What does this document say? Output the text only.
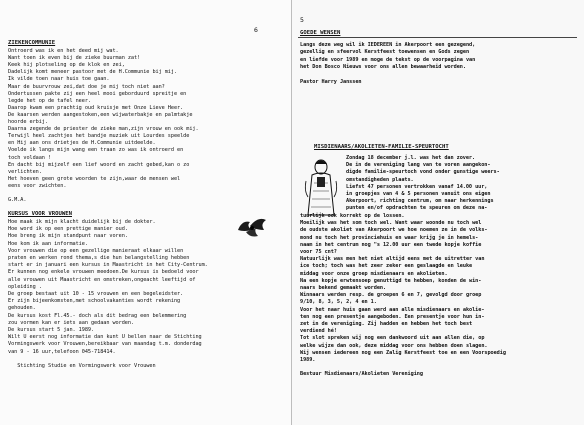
6
ZIEKENCOMMUNIE
Ontroerd was ik en het deed mij wat.
Want toen ik even bij de zieke buurman zat!
Keek hij plotseling op de klok en zei,
Dadelijk komt meneer pastoor met de H.Communie bij mij.
Ik vilde toen naar huis toe gaan.
Maar de buurvrouw zei,dat doe je mij toch niet aan?
Ondertussen pakte zij een heel mooi geborduurd spreitje en
legde het op de tafel neer.
Daarop kwam een prachtig oud kruisje met Onze Lieve Heer.
De kaarsen werden aangestoken,een wijwaterbakje en palmtakje
hoorde erbij.
Daarna zegende de priester de zieke man,zijn vrouw en ook mij.
Terwijl heel zachtjes het bandje muziek uit Lourdes speelde
en Hij aan ons drietjes de H.Communie uitdeelde.
Voelde ik langs mijn wang een traan zo was ik ontroerd en
toch voldaan !
En dacht bij mijzelf een lief woord en zacht gebed,kan o zo
verlichten.
Het hoeven geen grote woorden te zijn,waar de mensen wel
eens voor zwichten.
G.M.A.
KURSUS VOOR VROUWEN
Hoe maak ik mijn klacht duidelijk bij de dokter.
Hoe word ik op een prettige manier oud.
Hoe breng ik mijn standpunt naar voren.
Hoe kom ik aan informatie.
Voor vrouwen die op een gezellige manieraat elkaar willen
praten en werken rond thema,s die hun belangstelling hebben
start er in januari een kursus in Maastricht in het City-Centrum.
Er kunnen nog enkele vrouwen meedoen.De kursus is bedoeld voor
alle vrouwen uit Maastricht en omstreken,ongeacht leeftijd of
opleiding .
De groep bestaat uit 10 - 15 vrouwen en een begeleidster.
Er zijn bijeenkomsten,met schoolvakanties wordt rekening
gehouden.
De kursus kost Fl.45.- doch als dit bedrag een belemmering
zou vormen kan er iets aan gedaan worden.
De kursus start 5 jan. 1989.
Wilt U eerst nog informatie dan kunt U bellen naar de Stichting
Vormingswerk voor Vrouwen,bereikbaar van maandag t.m. donderdag
van 9 - 16 uur,telefoon 045-718414.
Stichting Studie en Vormingswerk voor Vrouwen
5
GOEDE WENSEN
Langs deze weg wil ik IEDEREEN in Akerpoort een gezegend,
gezellig en sfeervol Kerstfeest toewensen en Gods zegen
en liefde voor 1989 en moge de tekst op de voorpagina van
het Don Bosco Nieuws voor ons allen bewaarheid worden.
Pastor Harry Janssen
MISDIENAARS/AKOLIETEN-FAMILIE-SPEURTOCHT
Zondag 18 december j.l. was het dan zover.
De in de vereniging lang van te voren aangekon-
digde familie-speurtoch vond onder gunstige weers-
omstandigheden plaats.
Liefst 47 personen vertrokken vanaf 14.00 uur,
in groepjes van 4 & 5 personen vanuit ons eigen
Akerpoort, richting centrum, om naar herkennings
punten en/of opdrachten te speuren om deze na-
tuurlijk ook korrekt op de lossen.
Moeilijk was het som toch wel. Want waar woonde nu toch wel
de oudste akoliet van Akerpoort we hoe noemen ze in de volks-
mond nu toch het provinciehuis en waar krijg je in hemels-
naam in het centrum nog "s 12.00 uur een twede kopje koffie
voor 75 cnt?
Natuurlijk was men het niet altijd eens met de uitretter van
ice toch; toch was het zeer zeker een geslaagde en leuke
middag voor onze groep misdienaars en akolieten.
Na een kopje erwtensoep genuttigd te hebben, konden de win-
naars bekend gemaakt worden.
Winnaars werden resp. de groepen 6 en 7, gevolgd door groep
9/10, 8, 3, 5, 2, 4 en 1.
Voor het naar huis gaan werd aan alle misdienaars en akolie-
ten nog een presentje aangeboden. Een presentje voor hun in-
zet in de vereniging. Zij hadden en hebben het toch best
verdiend hé!
Tot slot spreken wij nog een dankwoord uit aan allen die, op
welke wijze dan ook, deze middag voor ons hebben doen slagen.
Wij wensen iedereen nog een Zalig Kerstfeest toe en een Voorspoedig
1989.
Bestuur Misdienaars/Akolieten Vereniging
